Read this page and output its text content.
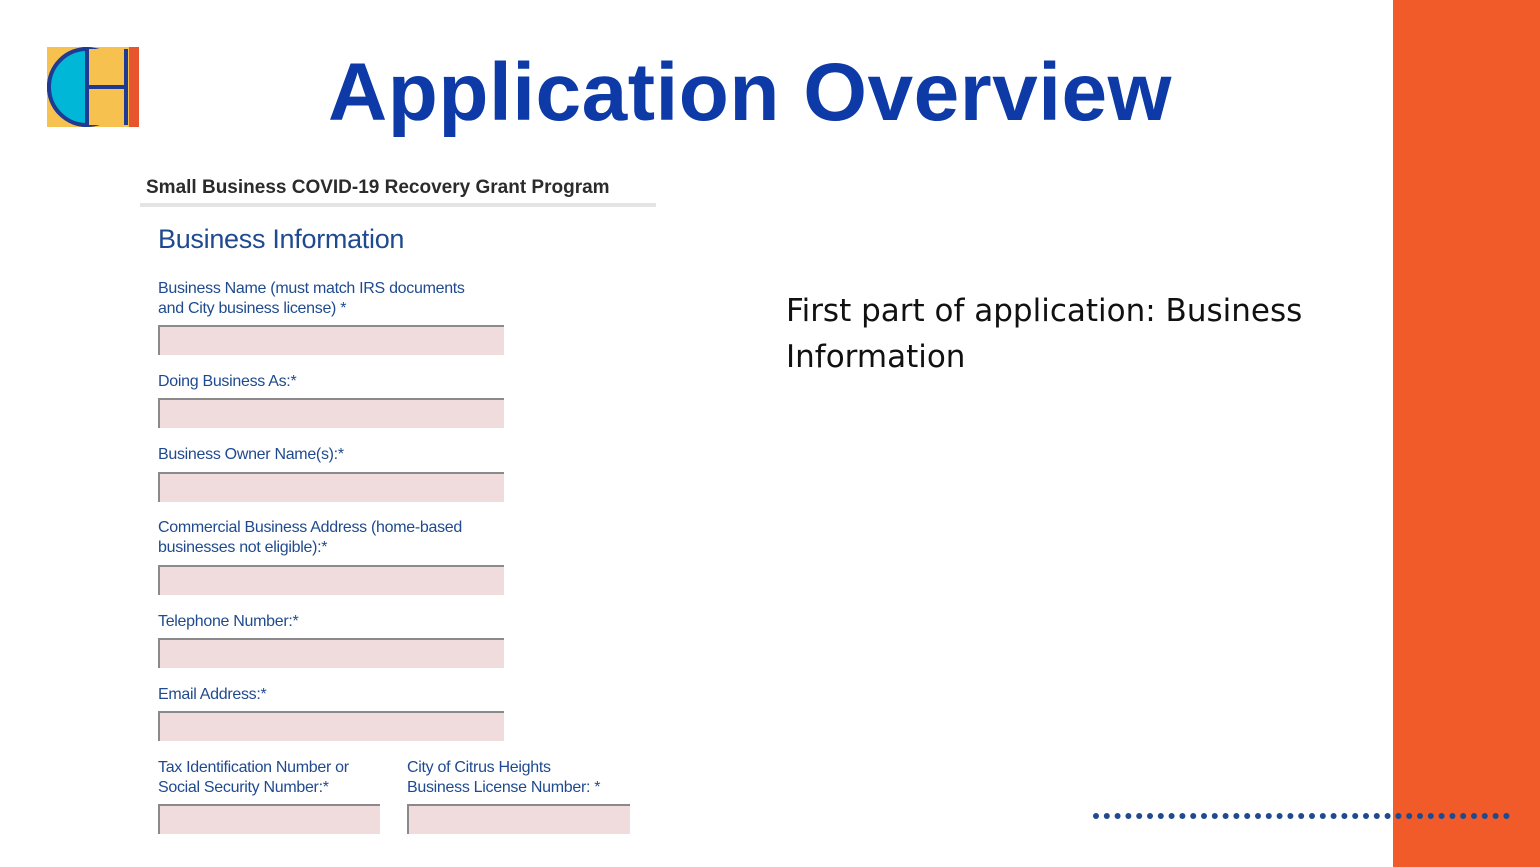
Application Overview
Small Business COVID-19 Recovery Grant Program
Business Information
Business Name (must match IRS documents
and City business license) *
Doing Business As:*
Business Owner Name(s):*
Commercial Business Address (home-based
businesses not eligible):*
Telephone Number:*
Email Address:*
Tax Identification Number or
Social Security Number:*
City of Citrus Heights
Business License Number: *
First part of application: Business
Information
